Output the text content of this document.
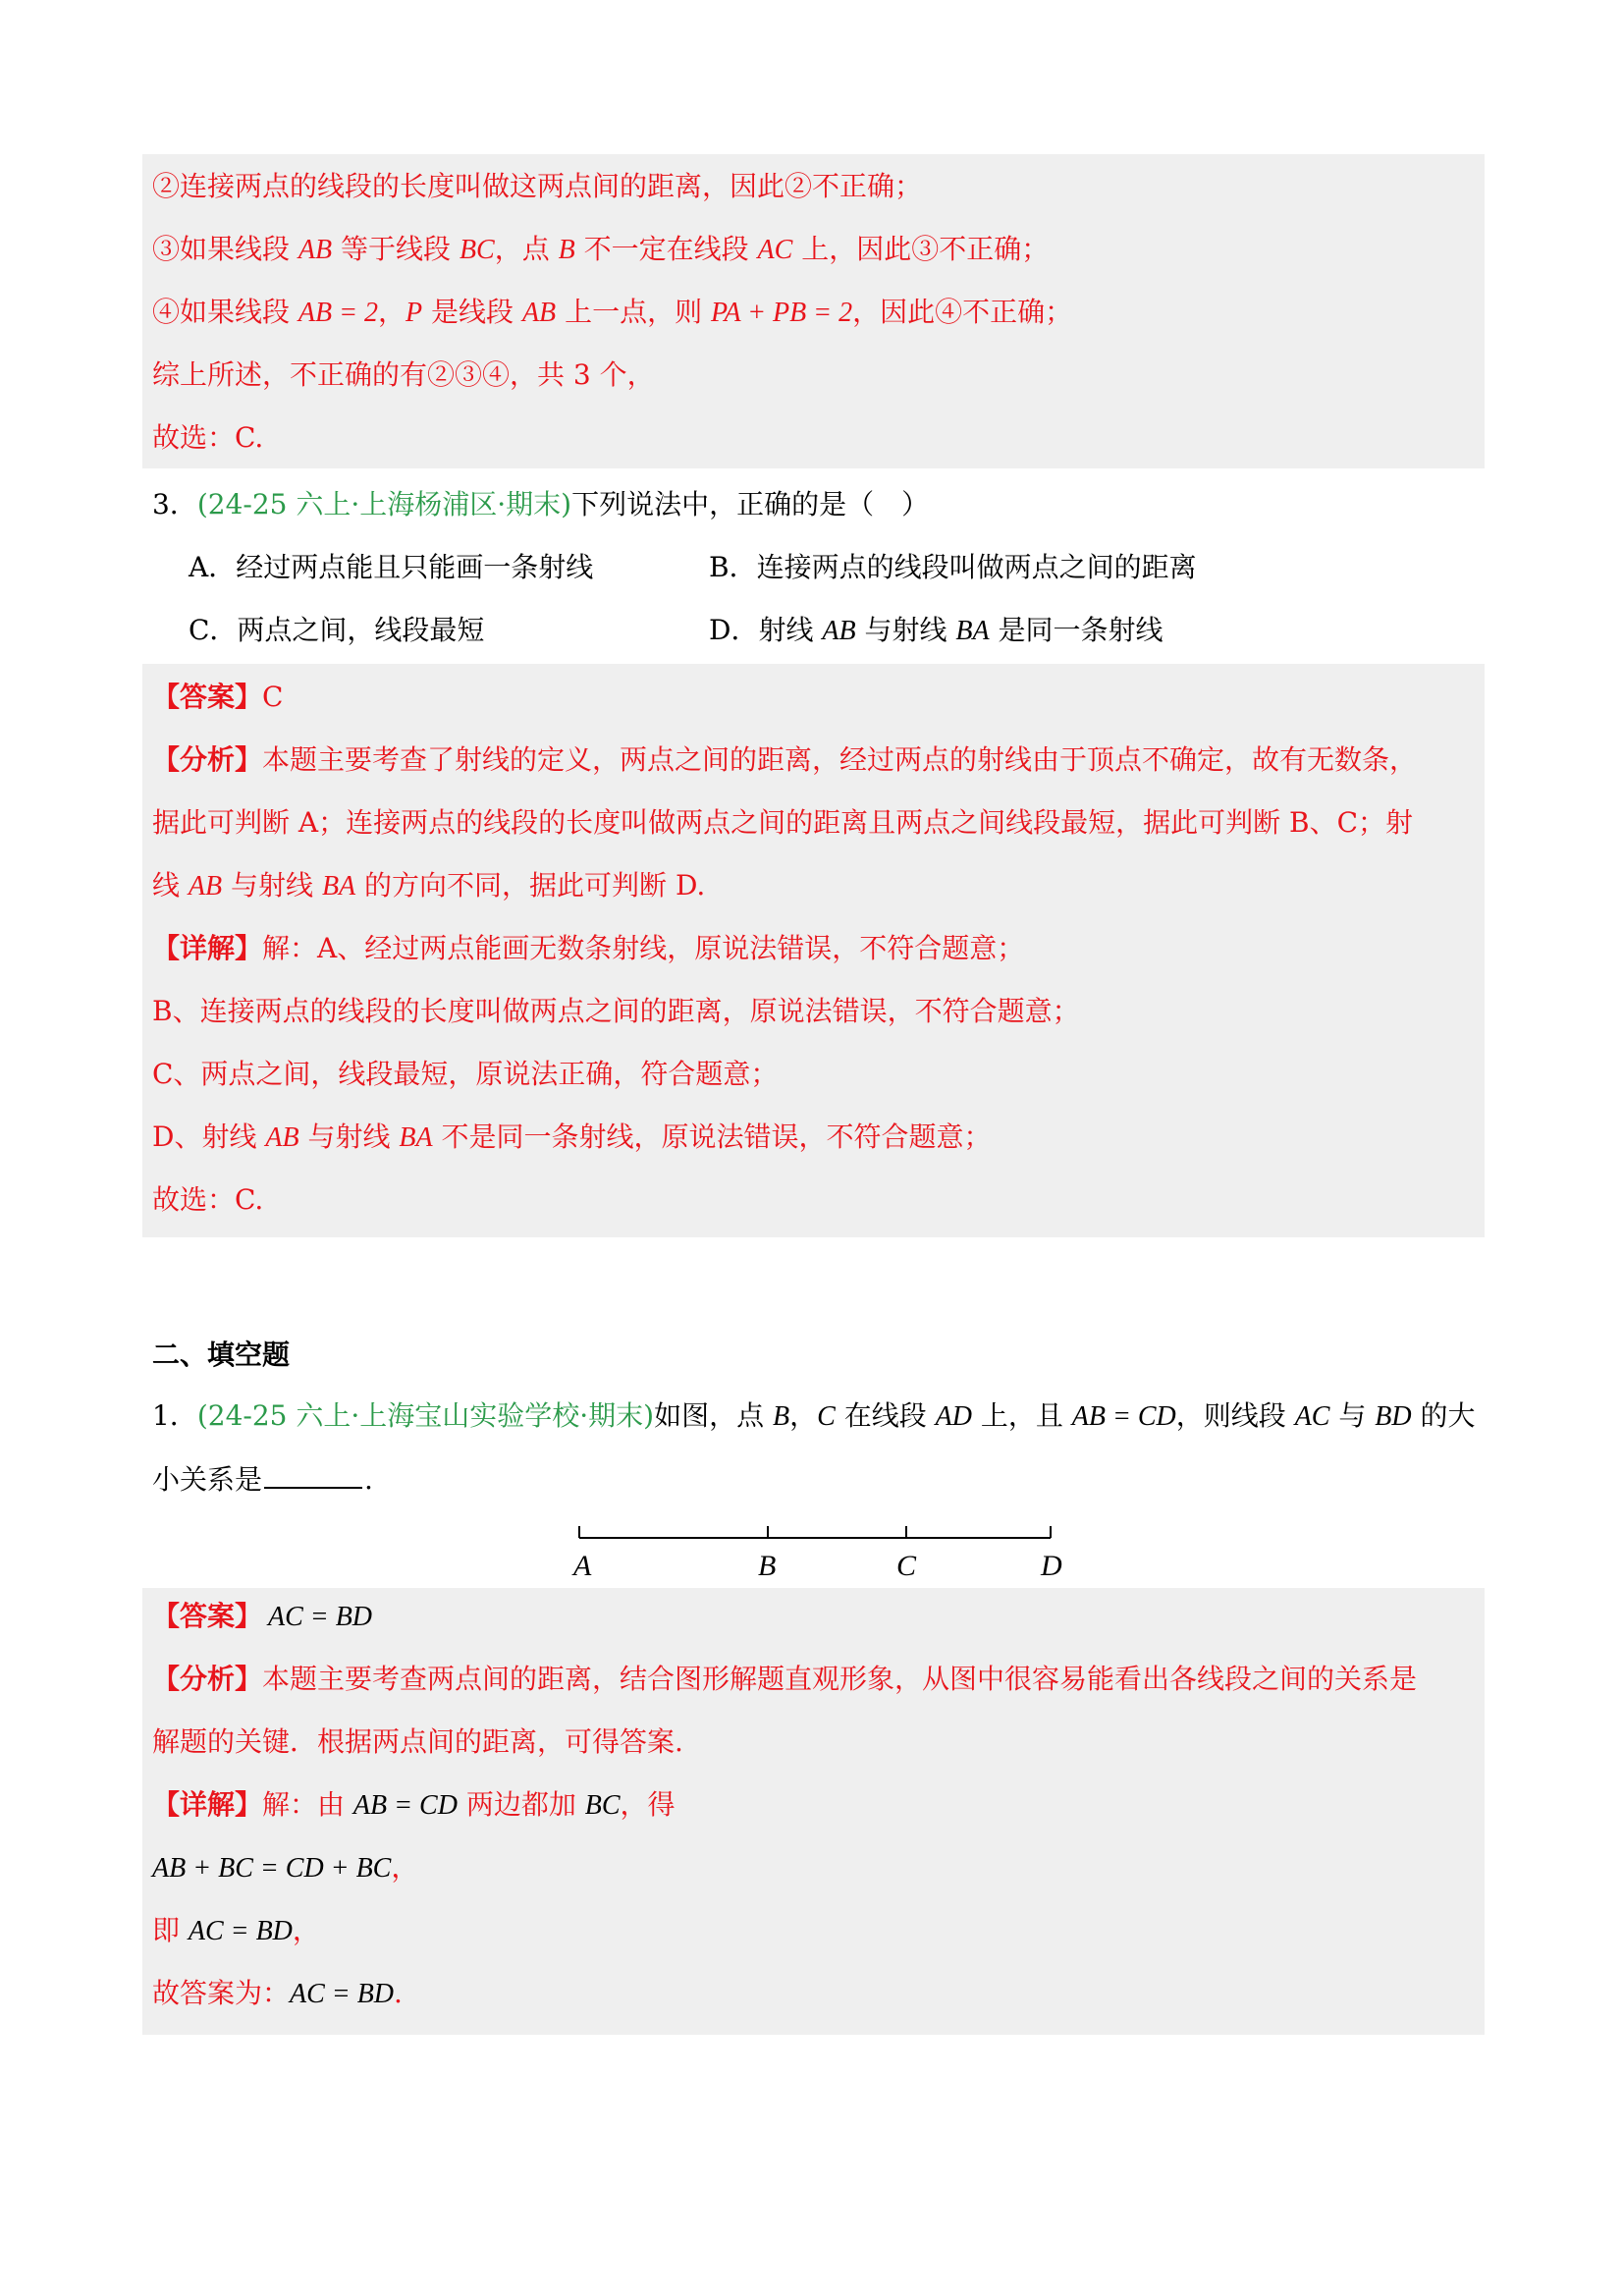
②连接两点的线段的长度叫做这两点间的距离，因此②不正确；
③如果线段 AB 等于线段 BC，点 B 不一定在线段 AC 上，因此③不正确；
④如果线段 AB = 2，P 是线段 AB 上一点，则 PA + PB = 2，因此④不正确；
综上所述，不正确的有②③④，共 3 个，
故选：C.
3．(24-25 六上·上海杨浦区·期末)下列说法中，正确的是（　）
A．经过两点能且只能画一条射线	B．连接两点的线段叫做两点之间的距离
C．两点之间，线段最短	D．射线 AB 与射线 BA 是同一条射线
【答案】C
【分析】本题主要考查了射线的定义，两点之间的距离，经过两点的射线由于顶点不确定，故有无数条，
据此可判断 A；连接两点的线段的长度叫做两点之间的距离且两点之间线段最短，据此可判断 B、C；射
线 AB 与射线 BA 的方向不同，据此可判断 D.
【详解】解：A、经过两点能画无数条射线，原说法错误，不符合题意；
B、连接两点的线段的长度叫做两点之间的距离，原说法错误，不符合题意；
C、两点之间，线段最短，原说法正确，符合题意；
D、射线 AB 与射线 BA 不是同一条射线，原说法错误，不符合题意；
故选：C.
二、填空题
1．(24-25 六上·上海宝山实验学校·期末)如图，点 B，C 在线段 AD 上，且 AB = CD，则线段 AC 与 BD 的大
小关系是	.
A	B	C	D
【答案】 AC = BD
【分析】本题主要考查两点间的距离，结合图形解题直观形象，从图中很容易能看出各线段之间的关系是
解题的关键．根据两点间的距离，可得答案.
【详解】解：由 AB = CD 两边都加 BC，得
AB + BC = CD + BC，
即 AC = BD，
故答案为：AC = BD.
